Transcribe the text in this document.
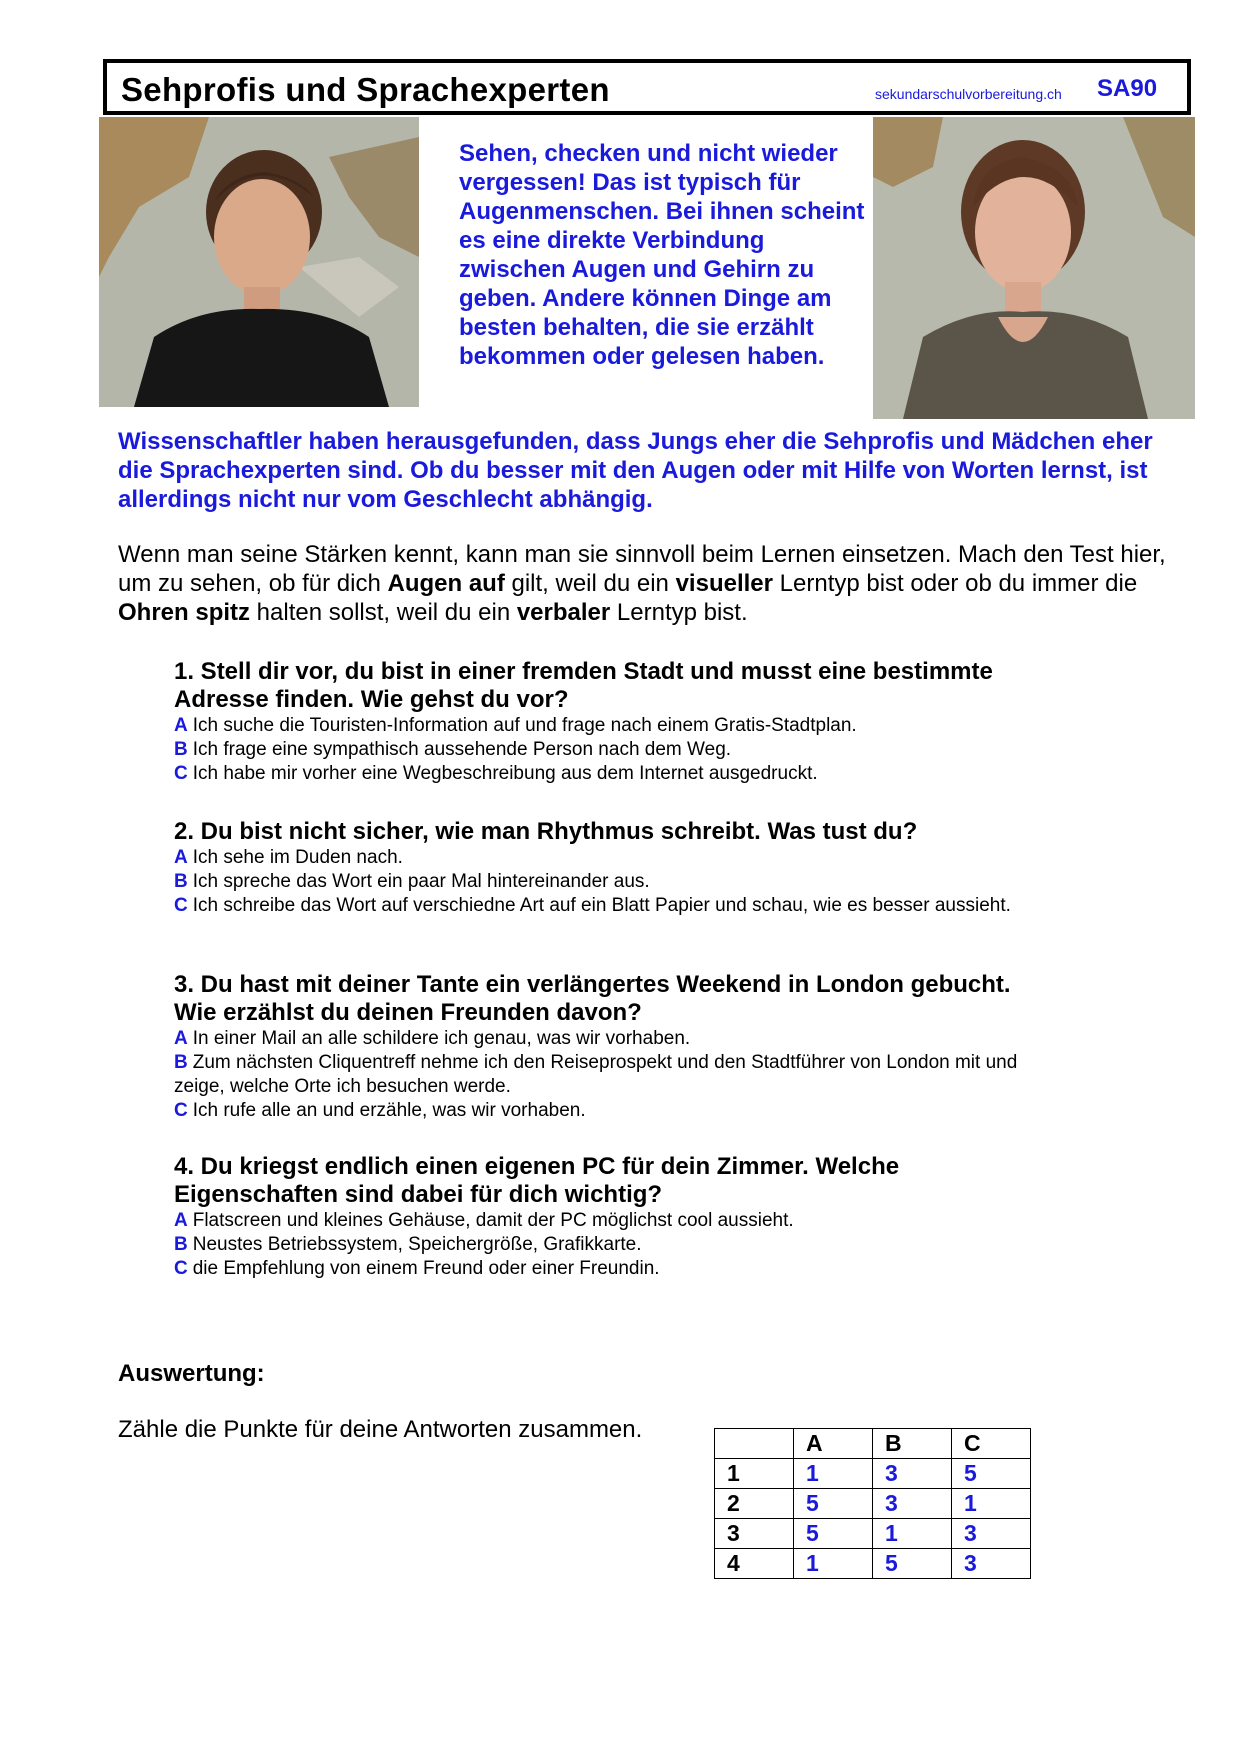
Sehprofis und Sprachexperten	sekundarschulvorbereitung.ch SA90
Sehen, checken und nicht wieder vergessen! Das ist typisch für Augenmenschen. Bei ihnen scheint es eine direkte Verbindung zwischen Augen und Gehirn zu geben. Andere können Dinge am besten behalten, die sie erzählt bekommen oder gelesen haben.
Wissenschaftler haben herausgefunden, dass Jungs eher die Sehprofis und Mädchen eher die Sprachexperten sind. Ob du besser mit den Augen oder mit Hilfe von Worten lernst, ist allerdings nicht nur vom Geschlecht abhängig.
Wenn man seine Stärken kennt, kann man sie sinnvoll beim Lernen einsetzen. Mach den Test hier, um zu sehen, ob für dich Augen auf gilt, weil du ein visueller Lerntyp bist oder ob du immer die Ohren spitz halten sollst, weil du ein verbaler Lerntyp bist.
1. Stell dir vor, du bist in einer fremden Stadt und musst eine bestimmte Adresse finden. Wie gehst du vor?
A Ich suche die Touristen-Information auf und frage nach einem Gratis-Stadtplan.
B Ich frage eine sympathisch aussehende Person nach dem Weg.
C Ich habe mir vorher eine Wegbeschreibung aus dem Internet ausgedruckt.
2. Du bist nicht sicher, wie man Rhythmus schreibt. Was tust du?
A Ich sehe im Duden nach.
B Ich spreche das Wort ein paar Mal hintereinander aus.
C Ich schreibe das Wort auf verschiedne Art auf ein Blatt Papier und schau, wie es besser aussieht.
3. Du hast mit deiner Tante ein verlängertes Weekend in London gebucht. Wie erzählst du deinen Freunden davon?
A In einer Mail an alle schildere ich genau, was wir vorhaben.
B Zum nächsten Cliquentreff nehme ich den Reiseprospekt und den Stadtführer von London mit und zeige, welche Orte ich besuchen werde.
C Ich rufe alle an und erzähle, was wir vorhaben.
4. Du kriegst endlich einen eigenen PC für dein Zimmer. Welche Eigenschaften sind dabei für dich wichtig?
A Flatscreen und kleines Gehäuse, damit der PC möglichst cool aussieht.
B Neustes Betriebssystem, Speichergröße, Grafikkarte.
C die Empfehlung von einem Freund oder einer Freundin.
Auswertung:
Zähle die Punkte für deine Antworten zusammen.
		A	B	C
1	1	3	5
2	5	3	1
3	5	1	3
4	1	5	3
